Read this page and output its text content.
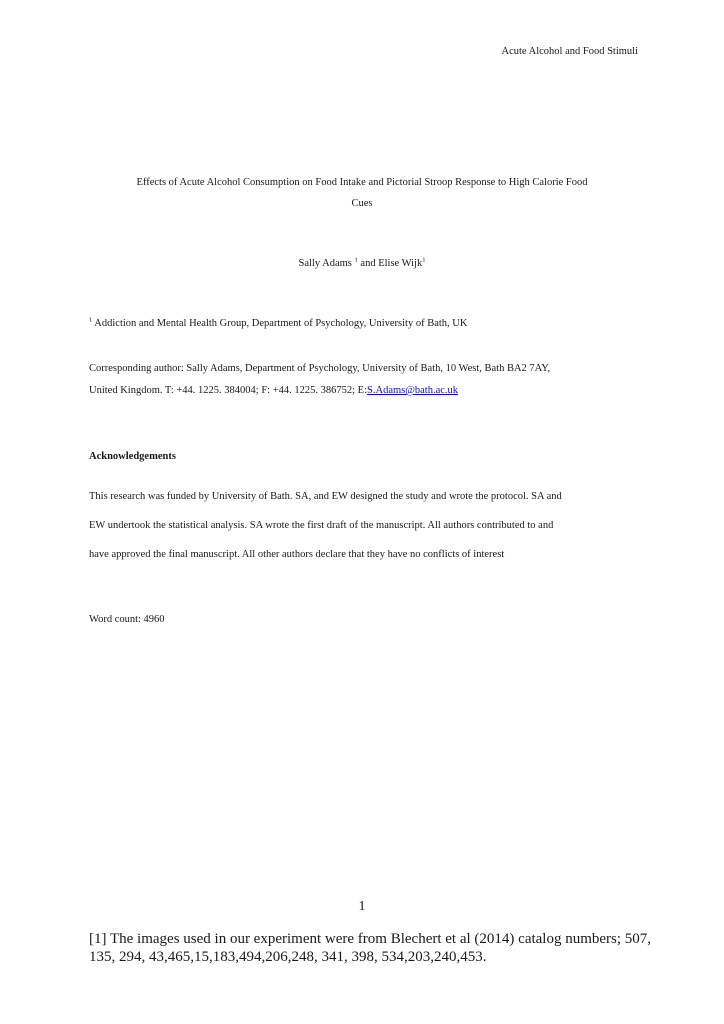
Acute Alcohol and Food Stimuli
Effects of Acute Alcohol Consumption on Food Intake and Pictorial Stroop Response to High Calorie Food
Cues
Sally Adams $^1$ and Elise Wijk$^1$
$^1$ Addiction and Mental Health Group, Department of Psychology, University of Bath, UK
Corresponding author: Sally Adams, Department of Psychology, University of Bath, 10 West, Bath BA2 7AY,
United Kingdom. T: +44. 1225. 384004; F: +44. 1225. 386752; E:S.Adams@bath.ac.uk
Acknowledgements
This research was funded by University of Bath. SA, and EW designed the study and wrote the protocol. SA and
EW undertook the statistical analysis. SA wrote the first draft of the manuscript. All authors contributed to and
have approved the final manuscript. All other authors declare that they have no conflicts of interest
Word count: 4960
1
[1] The images used in our experiment were from Blechert et al (2014) catalog numbers; 507,
135, 294, 43,465,15,183,494,206,248, 341, 398, 534,203,240,453.
